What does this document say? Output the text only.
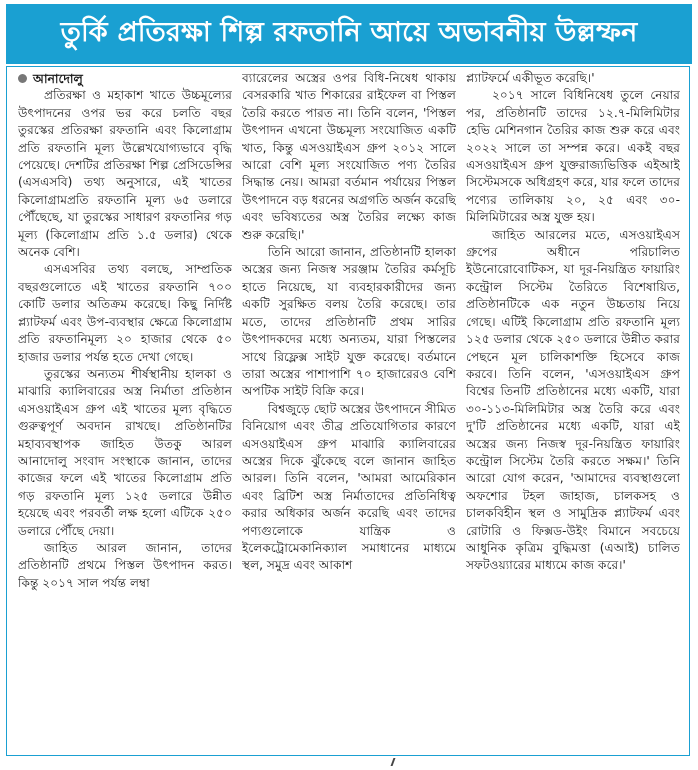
তুর্কি প্রতিরক্ষা শিল্প রফতানি আয়ে অভাবনীয় উল্লম্ফন
আনাদোলু

প্রতিরক্ষা ও মহাকাশ খাতে উচ্চমূল্যের উৎপাদনের ওপর ভর করে চলতি বছর তুরস্কের প্রতিরক্ষা রফতানি এবং কিলোগ্রাম প্রতি রফতানি মূল্য উল্লেখযোগ্যভাবে বৃদ্ধি পেয়েছে। দেশটির প্রতিরক্ষা শিল্প প্রেসিডেন্সির (এসএসবি) তথ্য অনুসারে, এই খাতের কিলোগ্রামপ্রতি রফতানি মূল্য ৬৫ ডলারে পৌঁছেছে, যা তুরস্কের সাধারণ রফতানির গড় মূল্য (কিলোগ্রাম প্রতি ১.৫ ডলার) থেকে অনেক বেশি।

এসএসবির তথ্য বলছে, সাম্প্রতিক বছরগুলোতে এই খাতের রফতানি ৭০০ কোটি ডলার অতিক্রম করেছে। কিছু নির্দিষ্ট প্ল্যাটফর্ম এবং উপ-ব্যবস্থার ক্ষেত্রে কিলোগ্রাম প্রতি রফতানিমূল্য ২০ হাজার থেকে ৫০ হাজার ডলার পর্যন্ত হতে দেখা গেছে।

তুরস্কের অন্যতম শীর্ষস্থানীয় হালকা ও মাঝারি ক্যালিবারের অস্ত্র নির্মাতা প্রতিষ্ঠান এসওয়াইএস গ্রুপ এই খাতের মূল্য বৃদ্ধিতে গুরুত্বপূর্ণ অবদান রাখছে। প্রতিষ্ঠানটির মহাব্যবস্থাপক জাহিত উতকু আরল আনাদোলু সংবাদ সংস্থাকে জানান, তাদের কাজের ফলে এই খাতের কিলোগ্রাম প্রতি গড় রফতানি মূল্য ১২৫ ডলারে উন্নীত হয়েছে এবং পরবর্তী লক্ষ হলো এটিকে ২৫০ ডলারে পৌঁছে দেয়া।

জাহিত আরল জানান, তাদের প্রতিষ্ঠানটি প্রথমে পিস্তল উৎপাদন করত। কিন্তু ২০১৭ সাল পর্যন্ত লম্বা

ব্যারেলের অস্ত্রের ওপর বিধি-নিষেধ থাকায় বেসরকারি খাত শিকারের রাইফেল বা পিস্তল তৈরি করতে পারত না। তিনি বলেন, 'পিস্তল উৎপাদন এখনো উচ্চমূল্য সংযোজিত একটি খাত, কিন্তু এসওয়াইএস গ্রুপ ২০১২ সালে আরো বেশি মূল্য সংযোজিত পণ্য তৈরির সিদ্ধান্ত নেয়। আমরা বর্তমান পর্যায়ের পিস্তল উৎপাদনে বড় ধরনের অগ্রগতি অর্জন করেছি এবং ভবিষ্যতের অস্ত্র তৈরির লক্ষ্যে কাজ শুরু করেছি।'

তিনি আরো জানান, প্রতিষ্ঠানটি হালকা অস্ত্রের জন্য নিজস্ব সরঞ্জাম তৈরির কর্মসূচি হাতে নিয়েছে, যা ব্যবহারকারীদের জন্য একটি সুরক্ষিত বলয় তৈরি করেছে। তার মতে, তাদের প্রতিষ্ঠানটি প্রথম সারির উৎপাদকদের মধ্যে অন্যতম, যারা পিস্তলের সাথে রিফ্লেক্স সাইট যুক্ত করেছে। বর্তমানে তারা অস্ত্রের পাশাপাশি ৭০ হাজারেরও বেশি অপটিক সাইট বিক্রি করে।

বিশ্বজুড়ে ছোট অস্ত্রের উৎপাদনে সীমিত বিনিয়োগ এবং তীব্র প্রতিযোগিতার কারণে এসওয়াইএস গ্রুপ মাঝারি ক্যালিবারের অস্ত্রের দিকে ঝুঁকেছে বলে জানান জাহিত আরল। তিনি বলেন, 'আমরা আমেরিকান এবং ব্রিটিশ অস্ত্র নির্মাতাদের প্রতিনিধিত্ব করার অধিকার অর্জন করেছি এবং তাদের পণ্যগুলোকে যান্ত্রিক ও ইলেকট্রোমেকানিক্যাল সমাধানের মাধ্যমে স্থল, সমুদ্র এবং আকাশ

প্ল্যাটফর্মে একীভূত করেছি।'

২০১৭ সালে বিধিনিষেধ তুলে নেয়ার পর, প্রতিষ্ঠানটি তাদের ১২.৭-মিলিমিটার হেভি মেশিনগান তৈরির কাজ শুরু করে এবং ২০২২ সালে তা সম্পন্ন করে। একই বছর এসওয়াইএস গ্রুপ যুক্তরাজ্যভিত্তিক এইআই সিস্টেমসকে অধিগ্রহণ করে, যার ফলে তাদের পণ্যের তালিকায় ২০, ২৫ এবং ৩০-মিলিমিটারের অস্ত্র যুক্ত হয়।

জাহিত আরলের মতে, এসওয়াইএস গ্রুপের অধীনে পরিচালিত ইউনোরোবোটিকস, যা দূর-নিয়ন্ত্রিত ফায়ারিং কন্ট্রোল সিস্টেম তৈরিতে বিশেষায়িত, প্রতিষ্ঠানটিকে এক নতুন উচ্চতায় নিয়ে গেছে। এটিই কিলোগ্রাম প্রতি রফতানি মূল্য ১২৫ ডলার থেকে ২৫০ ডলারে উন্নীত করার পেছনে মূল চালিকাশক্তি হিসেবে কাজ করবে। তিনি বলেন, 'এসওয়াইএস গ্রুপ বিশ্বের তিনটি প্রতিষ্ঠানের মধ্যে একটি, যারা ৩০-১১৩-মিলিমিটার অস্ত্র তৈরি করে এবং দু'টি প্রতিষ্ঠানের মধ্যে একটি, যারা এই অস্ত্রের জন্য নিজস্ব দূর-নিয়ন্ত্রিত ফায়ারিং কন্ট্রোল সিস্টেম তৈরি করতে সক্ষম।' তিনি আরো যোগ করেন, 'আমাদের ব্যবস্থাগুলো অফশোর টহল জাহাজ, চালকসহ ও চালকবিহীন স্থল ও সামুদ্রিক প্ল্যাটফর্ম এবং রোটারি ও ফিক্সড-উইং বিমানে সবচেয়ে আধুনিক কৃত্রিম বুদ্ধিমত্তা (এআই) চালিত সফটওয়্যারের মাধ্যমে কাজ করে।'
